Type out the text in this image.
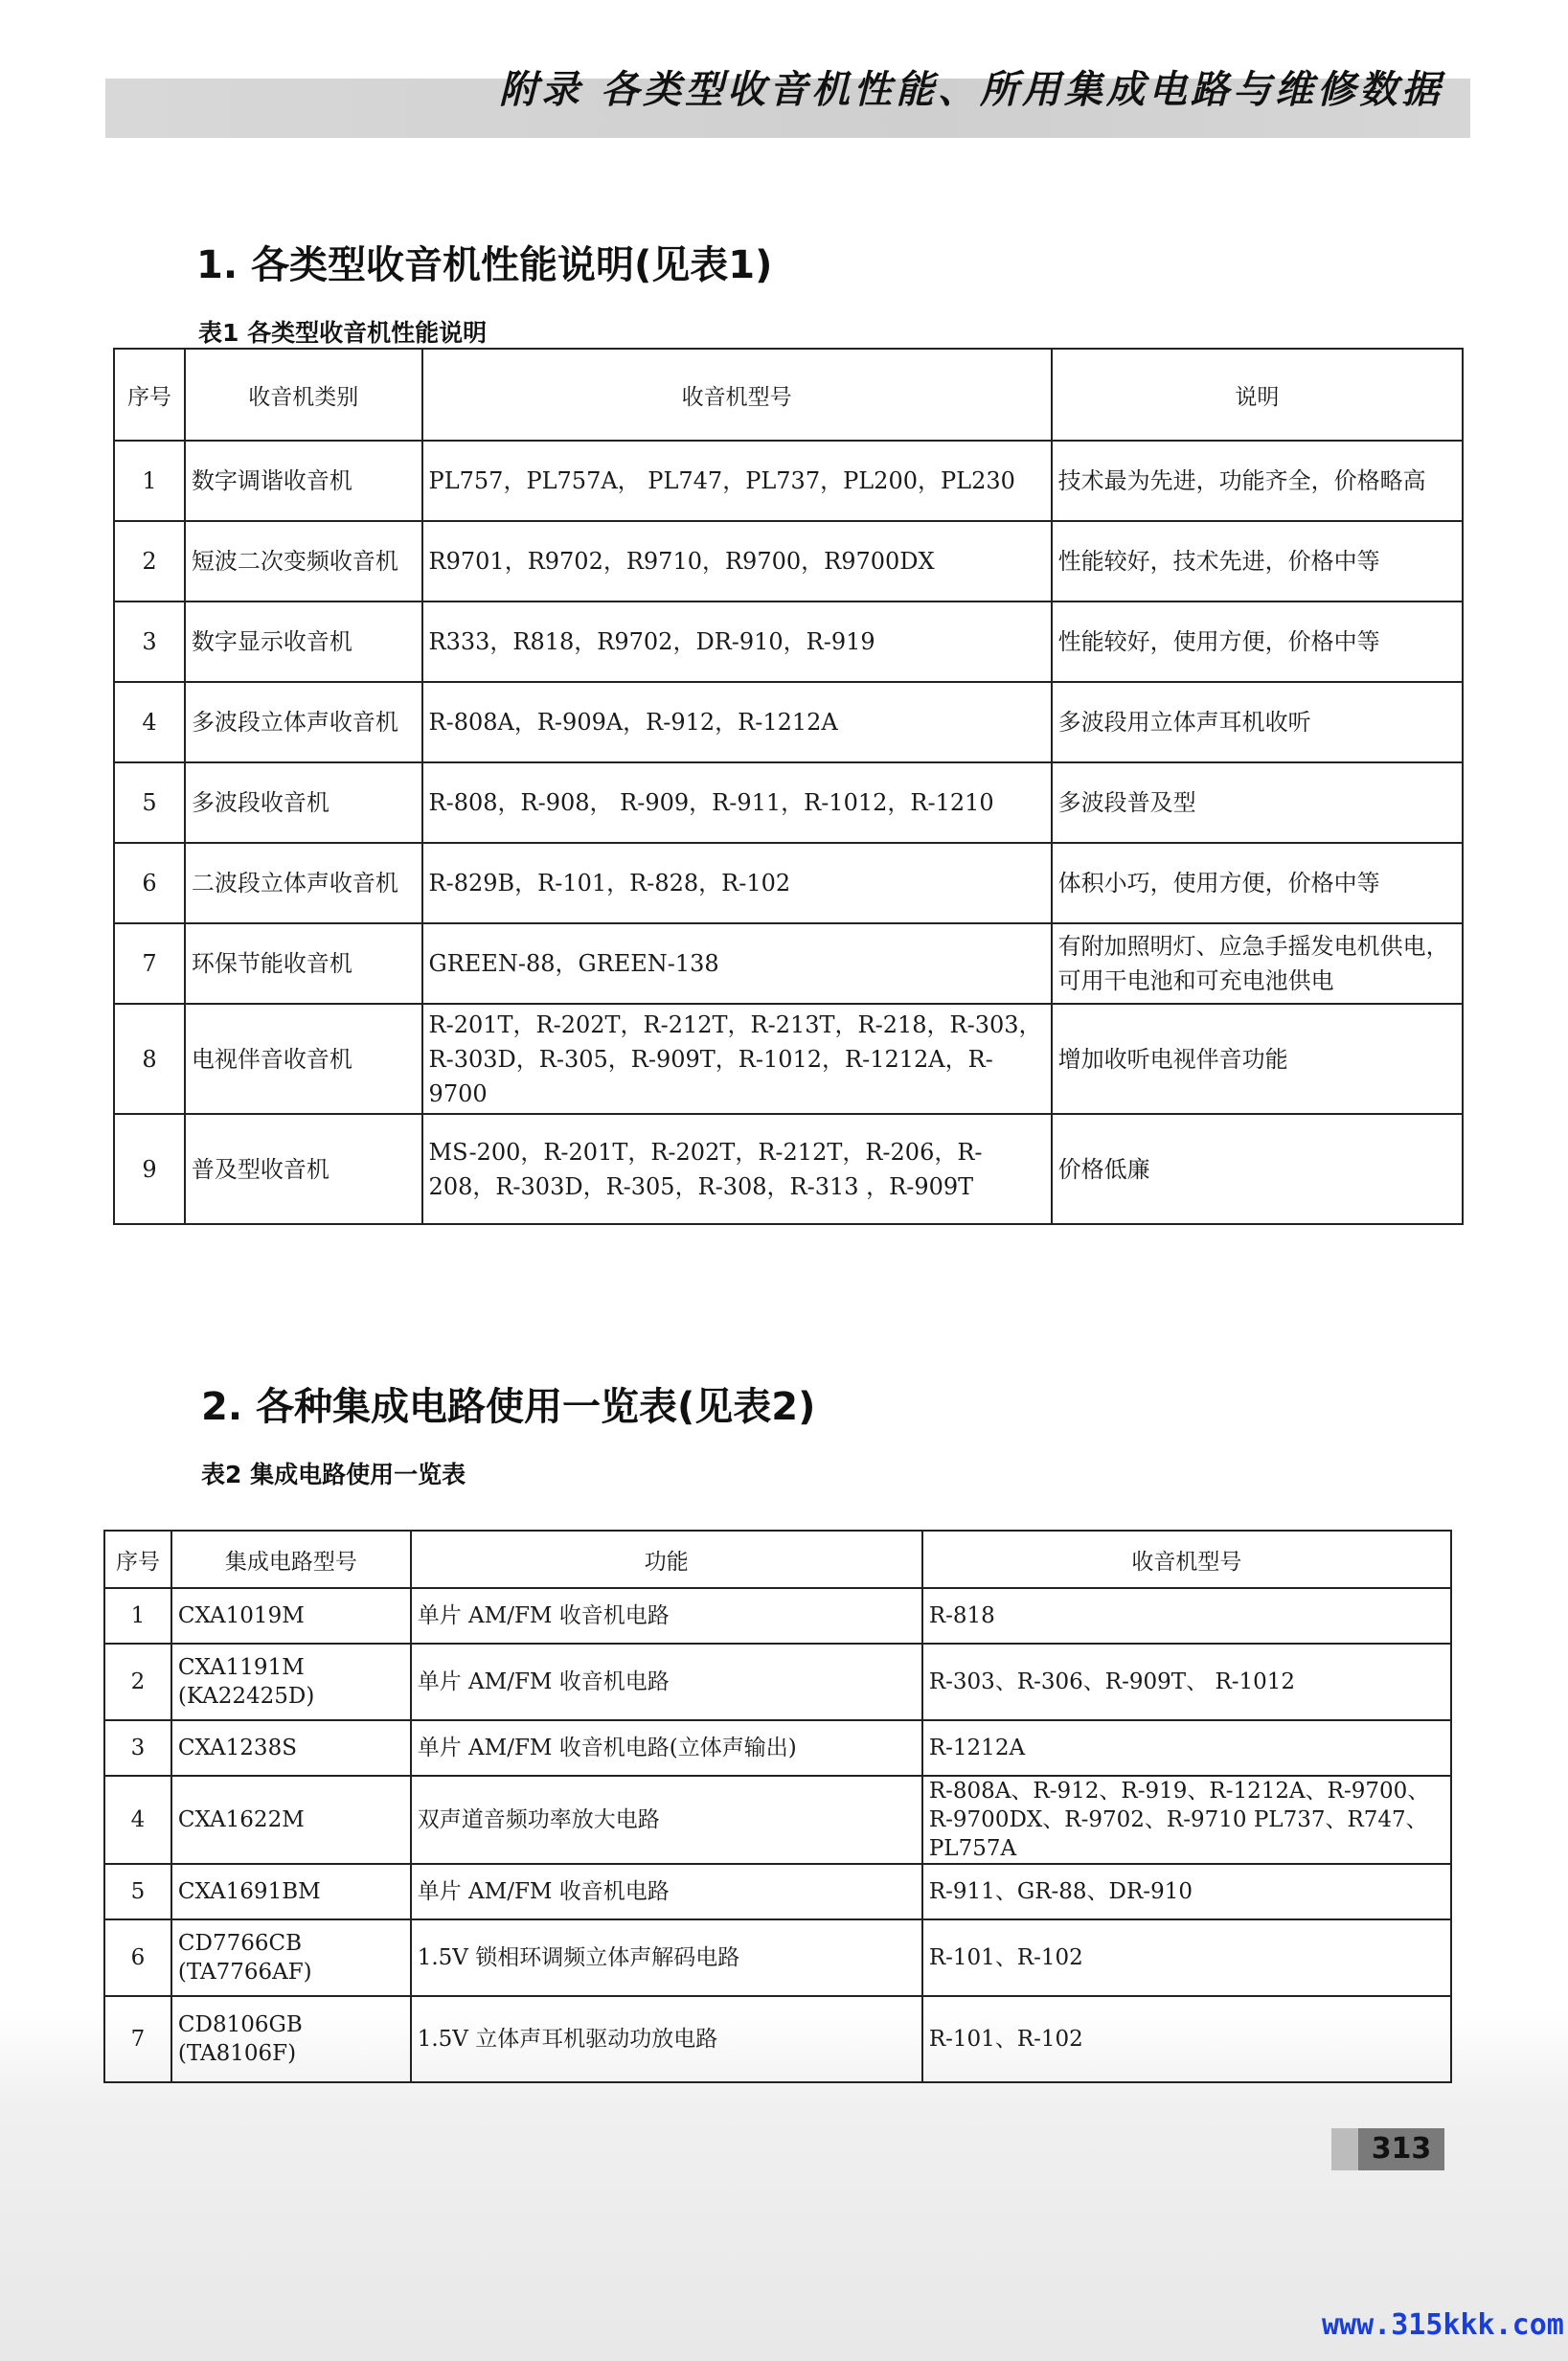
附录 各类型收音机性能、所用集成电路与维修数据
1. 各类型收音机性能说明(见表1)
表1 各类型收音机性能说明
序号	收音机类别	收音机型号	说明
1	数字调谐收音机	PL757，PL757A， PL747，PL737，PL200，PL230	技术最为先进，功能齐全，价格略高
2	短波二次变频收音机	R9701，R9702，R9710，R9700，R9700DX	性能较好，技术先进，价格中等
3	数字显示收音机	R333，R818，R9702，DR-910，R-919	性能较好，使用方便，价格中等
4	多波段立体声收音机	R-808A，R-909A，R-912，R-1212A	多波段用立体声耳机收听
5	多波段收音机	R-808，R-908， R-909，R-911，R-1012，R-1210	多波段普及型
6	二波段立体声收音机	R-829B，R-101，R-828，R-102	体积小巧，使用方便，价格中等
7	环保节能收音机	GREEN-88，GREEN-138	有附加照明灯、应急手摇发电机供电，可用干电池和可充电池供电
8	电视伴音收音机	R-201T，R-202T，R-212T，R-213T，R-218，R-303，R-303D，R-305，R-909T，R-1012，R-1212A，R-9700	增加收听电视伴音功能
9	普及型收音机	MS-200，R-201T，R-202T，R-212T，R-206，R-208，R-303D，R-305，R-308，R-313 ，R-909T	价格低廉
2. 各种集成电路使用一览表(见表2)
表2 集成电路使用一览表
序号	集成电路型号	功能	收音机型号
1	CXA1019M	单片 AM/FM 收音机电路	R-818
2	CXA1191M (KA22425D)	单片 AM/FM 收音机电路	R-303、R-306、R-909T、 R-1012
3	CXA1238S	单片 AM/FM 收音机电路(立体声输出)	R-1212A
4	CXA1622M	双声道音频功率放大电路	R-808A、R-912、R-919、R-1212A、R-9700、R-9700DX、R-9702、R-9710 PL737、R747、PL757A
5	CXA1691BM	单片 AM/FM 收音机电路	R-911、GR-88、DR-910
6	CD7766CB (TA7766AF)	1.5V 锁相环调频立体声解码电路	R-101、R-102
7	CD8106GB (TA8106F)	1.5V 立体声耳机驱动功放电路	R-101、R-102
313
www.315kkk.com
